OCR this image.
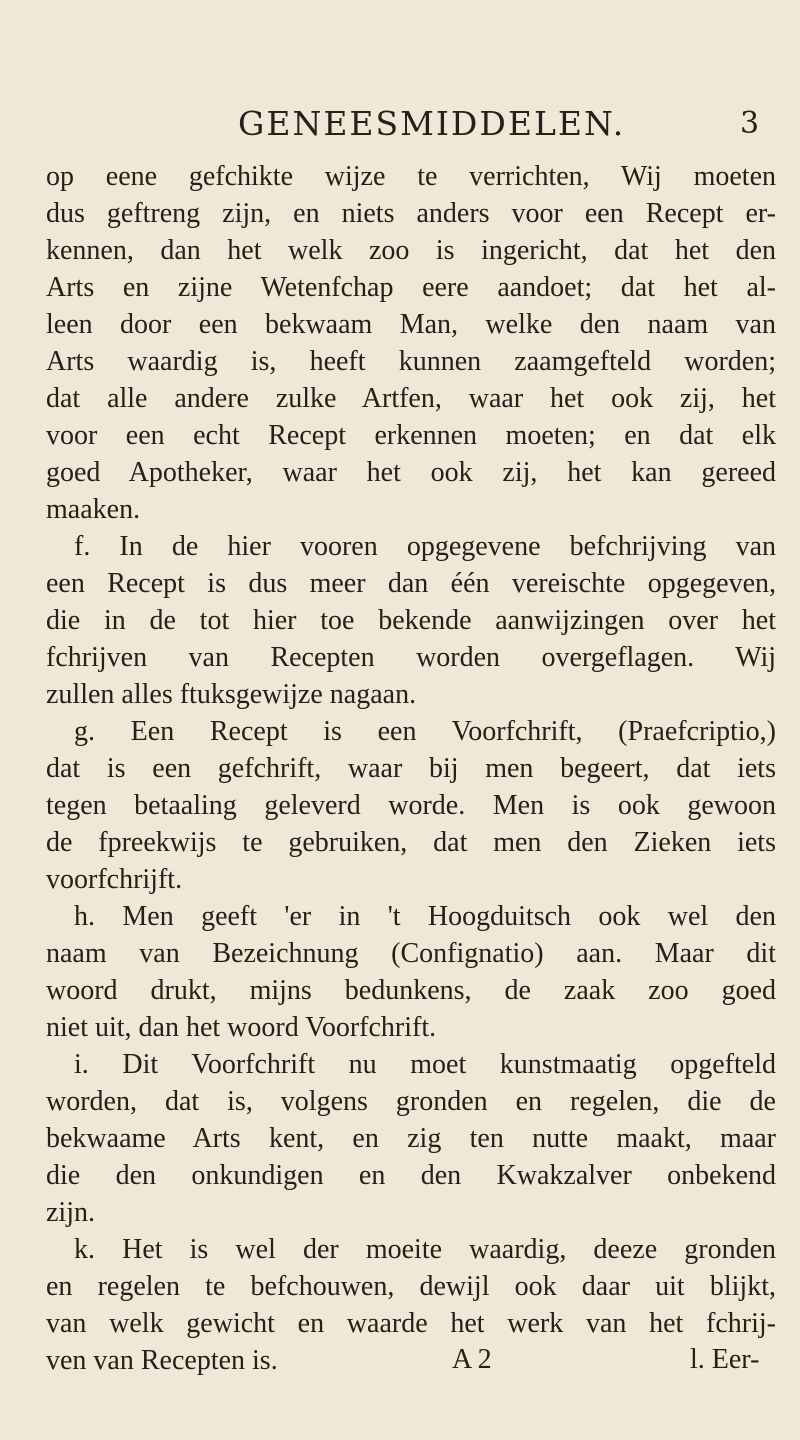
GENEESMIDDELEN.	3
op eene gefchikte wijze te verrichten, Wij moeten
dus geftreng zijn, en niets anders voor een Recept er-
kennen, dan het welk zoo is ingericht, dat het den
Arts en zijne Wetenfchap eere aandoet; dat het al-
leen door een bekwaam Man, welke den naam van
Arts waardig is, heeft kunnen zaamgefteld worden;
dat alle andere zulke Artfen, waar het ook zij, het
voor een echt Recept erkennen moeten; en dat elk
goed Apotheker, waar het ook zij, het kan gereed
maaken.
f. In de hier vooren opgegevene befchrijving van
een Recept is dus meer dan één vereischte opgegeven,
die in de tot hier toe bekende aanwijzingen over het
fchrijven van Recepten worden overgeflagen. Wij
zullen alles ftuksgewijze nagaan.
g. Een Recept is een Voorfchrift, (Praefcriptio,)
dat is een gefchrift, waar bij men begeert, dat iets
tegen betaaling geleverd worde. Men is ook gewoon
de fpreekwijs te gebruiken, dat men den Zieken iets
voorfchrijft.
h. Men geeft 'er in 't Hoogduitsch ook wel den
naam van Bezeichnung (Confignatio) aan. Maar dit
woord drukt, mijns bedunkens, de zaak zoo goed
niet uit, dan het woord Voorfchrift.
i. Dit Voorfchrift nu moet kunstmaatig opgefteld
worden, dat is, volgens gronden en regelen, die de
bekwaame Arts kent, en zig ten nutte maakt, maar
die den onkundigen en den Kwakzalver onbekend
zijn.
k. Het is wel der moeite waardig, deeze gronden
en regelen te befchouwen, dewijl ook daar uit blijkt,
van welk gewicht en waarde het werk van het fchrij-
ven van Recepten is.	A 2	l. Eer-
